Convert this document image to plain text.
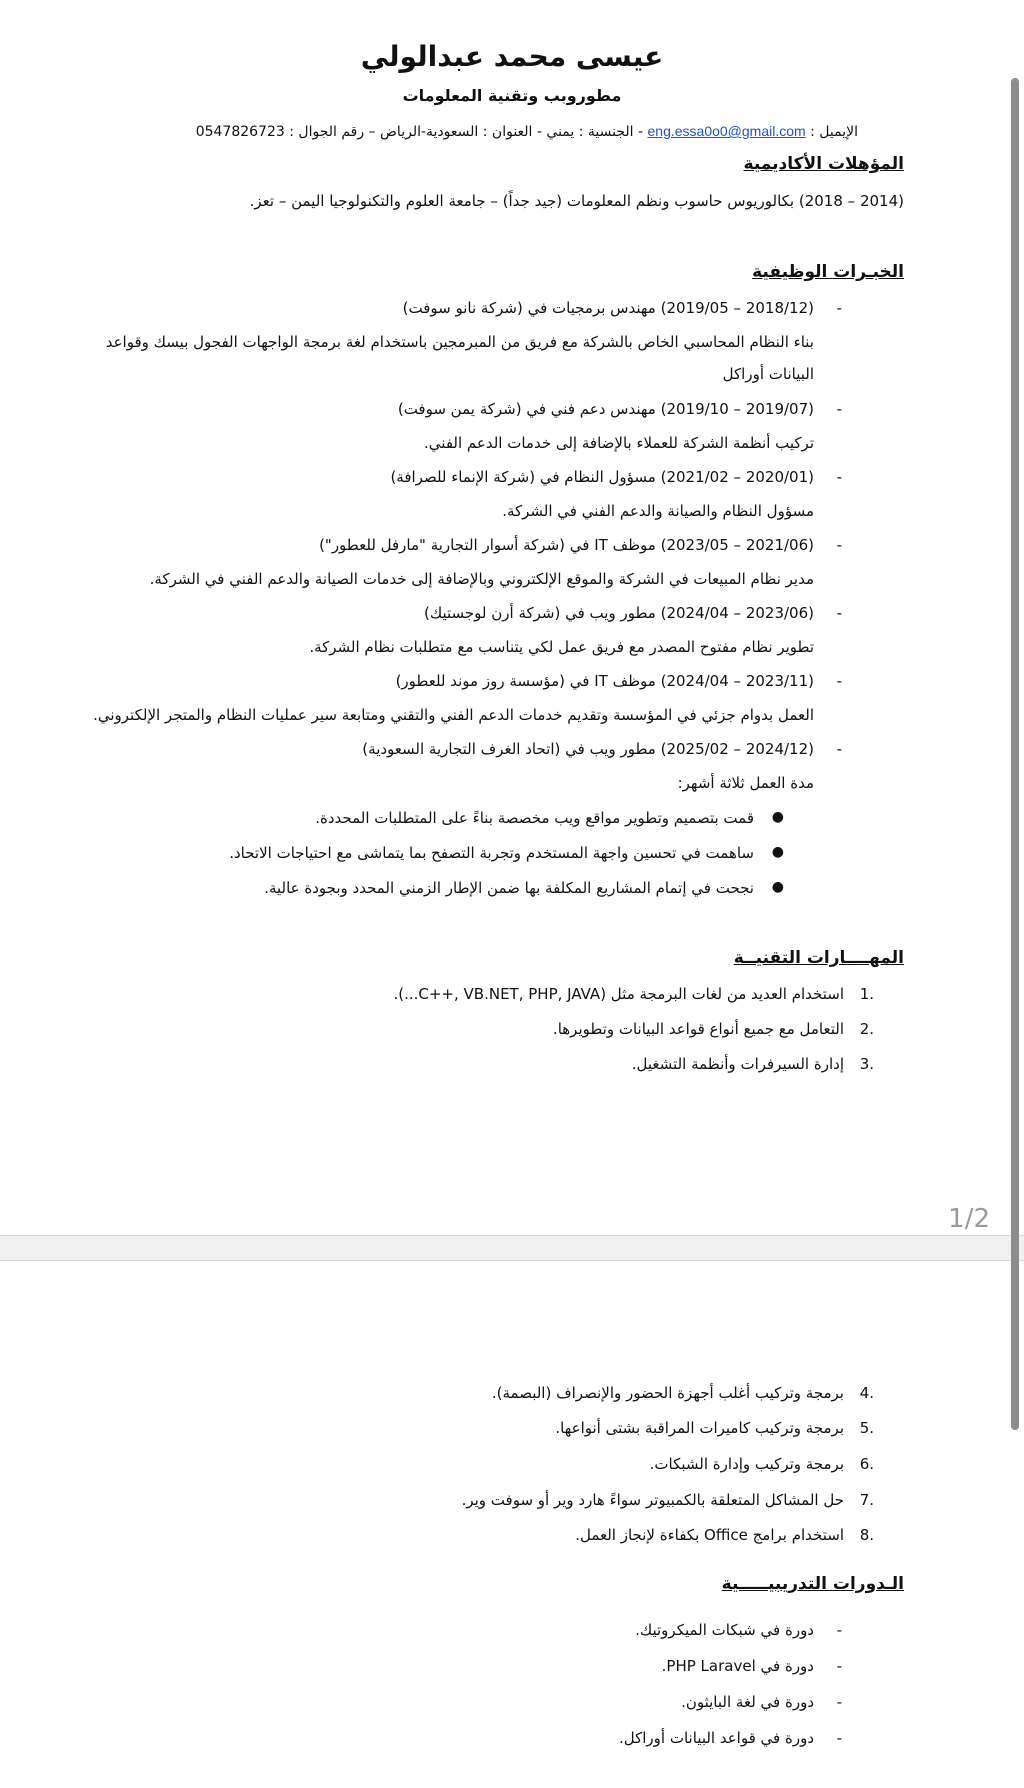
عيسى محمد عبدالولي
مطوروبب وتقنية المعلومات
الإيميل : eng.essa0o0@gmail.com - الجنسية : يمني - العنوان : السعودية-الرياض – رقم الجوال : 0547826723
المؤهلات الأكاديمية
(2014 – 2018) بكالوريوس حاسوب ونظم المعلومات (جيد جداً) – جامعة العلوم والتكنولوجيا اليمن – تعز.
الخبـرات الوظيفية
-
(2018/12 – 2019/05) مهندس برمجيات في (شركة نانو سوفت)
بناء النظام المحاسبي الخاص بالشركة مع فريق من المبرمجين باستخدام لغة برمجة الواجهات الفجول بيسك وقواعد
البيانات أوراكل
-
(2019/07 – 2019/10) مهندس دعم فني في (شركة يمن سوفت)
تركيب أنظمة الشركة للعملاء بالإضافة إلى خدمات الدعم الفني.
-
(2020/01 – 2021/02) مسؤول النظام في (شركة الإنماء للصرافة)
مسؤول النظام والصيانة والدعم الفني في الشركة.
-
(2021/06 – 2023/05) موظف IT في (شركة أسوار التجارية "مارفل للعطور")
مدير نظام المبيعات في الشركة والموقع الإلكتروني وبالإضافة إلى خدمات الصيانة والدعم الفني في الشركة.
-
(2023/06 – 2024/04) مطور ويب في (شركة أرن لوجستيك)
تطوير نظام مفتوح المصدر مع فريق عمل لكي يتناسب مع متطلبات نظام الشركة.
-
(2023/11 – 2024/04) موظف IT في (مؤسسة روز موند للعطور)
العمل بدوام جزئي في المؤسسة وتقديم خدمات الدعم الفني والتقني ومتابعة سير عمليات النظام والمتجر الإلكتروني.
-
(2024/12 – 2025/02) مطور ويب في (اتحاد الغرف التجارية السعودية)
مدة العمل ثلاثة أشهر:
●
قمت بتصميم وتطوير مواقع ويب مخصصة بناءً على المتطلبات المحددة.
●
ساهمت في تحسين واجهة المستخدم وتجربة التصفح بما يتماشى مع احتياجات الاتحاد.
●
نجحت في إتمام المشاريع المكلفة بها ضمن الإطار الزمني المحدد وبجودة عالية.
المهــــارات التقنيــة
1.
استخدام العديد من لغات البرمجة مثل (C++, VB.NET, PHP, JAVA...).
2.
التعامل مع جميع أنواع قواعد البيانات وتطويرها.
3.
إدارة السيرفرات وأنظمة التشغيل.
1/2
4.
برمجة وتركيب أغلب أجهزة الحضور والإنصراف (البصمة).
5.
برمجة وتركيب كاميرات المراقبة بشتى أنواعها.
6.
برمجة وتركيب وإدارة الشبكات.
7.
حل المشاكل المتعلقة بالكمبيوتر سواءً هارد وير أو سوفت وير.
8.
استخدام برامج Office بكفاءة لإنجاز العمل.
الـدورات التدريبيـــــية
-
دورة في شبكات الميكروتيك.
-
دورة في PHP Laravel.
-
دورة في لغة البايثون.
-
دورة في قواعد البيانات أوراكل.
